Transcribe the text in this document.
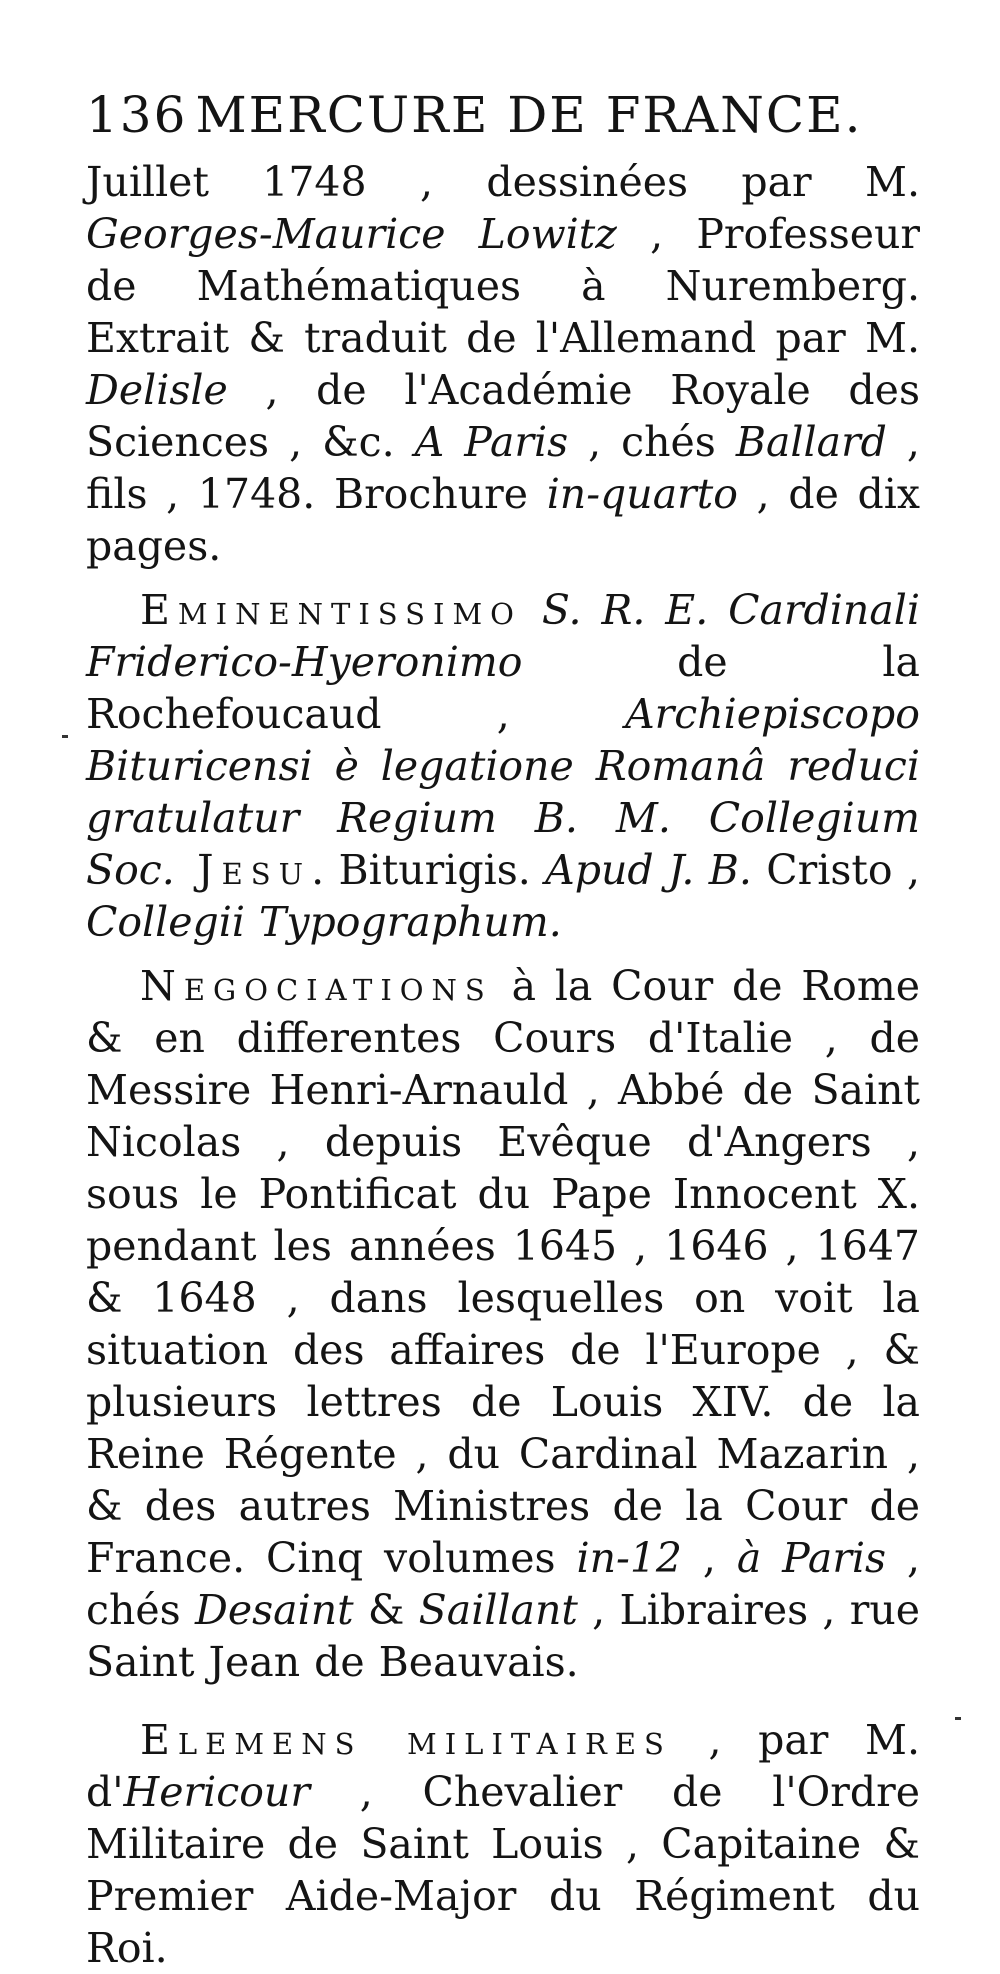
136 MERCURE DE FRANCE.

Juillet 1748 , dessinées par M. Georges-Maurice Lowitz , Professeur de Mathématiques à Nuremberg. Extrait & traduit de l'Allemand par M. Delisle , de l'Académie Royale des Sciences , &c. A Paris , chés Ballard , fils , 1748. Brochure in-quarto , de dix pages.

Eminentissimo S. R. E. Cardinali Friderico-Hyeronimo de la Rochefoucaud , Archiepiscopo Bituricensi è legatione Romanâ reduci gratulatur Regium B. M. Collegium Soc. Jesu. Biturigis. Apud J. B. Cristo , Collegii Typographum.

Negociations à la Cour de Rome & en differentes Cours d'Italie , de Messire Henri-Arnauld , Abbé de Saint Nicolas , depuis Evêque d'Angers , sous le Pontificat du Pape Innocent X. pendant les années 1645 , 1646 , 1647 & 1648 , dans lesquelles on voit la situation des affaires de l'Europe , & plusieurs lettres de Louis XIV. de la Reine Régente , du Cardinal Mazarin , & des autres Ministres de la Cour de France. Cinq volumes in-12 , à Paris , chés Desaint & Saillant , Libraires , rue Saint Jean de Beauvais.

Elemens militaires , par M. d'Hericour , Chevalier de l'Ordre Militaire de Saint Louis , Capitaine & Premier Aide-Major du Régiment du Roi.
